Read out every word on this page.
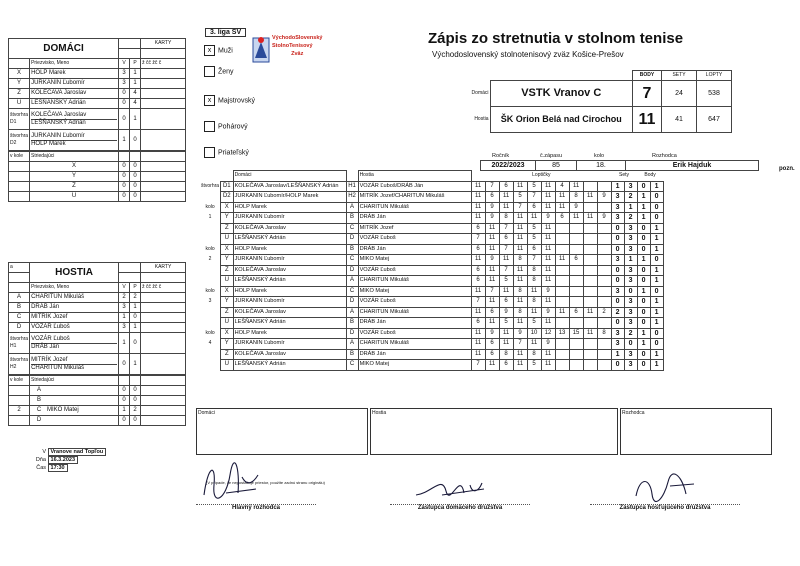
DOMÁCI				KARTY

	Priezvisko, Meno	V	P	ž čč žč č
X	HOLP Marek	3	1	
Y	JURKANIN Ľubomír	3	1	
Z	KOLEČAVA Jaroslav	0	4	
U	LEŠŇANSKÝ Adrián	0	4	
štvorhra D1	KOLEČAVA Jaroslav
LEŠŇANSKÝ Adrián	0	1	
štvorhra D2	JURKANIN Ľubomír
HOLP Marek	1	0	
v kole	Striedajúci			
	X	0	0	
	Y	0	0	
	Z	0	0	
	U	0	0	
a	HOSTIA			KARTY

	Priezvisko, Meno	V	P	ž čč žč č
A	CHARITUN Mikuláš	2	2	
B	DRÁB Ján	3	1	
C	MITRÍK Jozef	1	0	
D	VOZÁR Ľuboš	3	1	
štvorhra H1	VOZÁR Ľuboš
DRÁB Ján	1	0	
štvorhra H2	MITRÍK Jozef
CHARITUN Mikuláš	0	1	
v kole	Striedajúci			
	A	0	0	
	B	0	0	
2	C MIKO Matej	1	2	
	D	0	0	
3. liga SV
VýchodoSlovenský
StolnoTenisový
Zväz
x Muži
Ženy
x Majstrovský
Pohárový
Priateľský
Zápis zo stretnutia v stolnom tenise
Východoslovenský stolnotenisový zväz Košice-Prešov
		BODY	SETY	LOPTY
Domáci	VSTK Vranov C	7	24	538
Hostia	ŠK Orion Belá nad Cirochou	11	41	647
Ročník	č.zápasu	kolo	Rozhodca
2022/2023	85	18.	Erik Hajduk	pozn.
		Domáci		Hostia	Loptičky										Sety		Body	
štvorhra	D1	KOLEČAVA Jaroslav/LEŠŇANSKÝ Adrián	H1	VOZÁR Ľuboš/DRÁB Ján	11	7	6	11	5	11	4	11			1	3	0	1
	D2	JURKANIN Ľubomír/HOLP Marek	H2	MITRÍK Jozef/CHARITUN Mikuláš	11	6	11	5	7	11	11	8	11	9	3	2	1	0
kolo	X	HOLP Marek	A	CHARITUN Mikuláš	11	9	11	7	6	11	11	9			3	1	1	0
1	Y	JURKANIN Ľubomír	B	DRÁB Ján	11	9	8	11	11	9	6	11	11	9	3	2	1	0
	Z	KOLEČAVA Jaroslav	C	MITRÍK Jozef	6	11	7	11	5	11					0	3	0	1
	U	LEŠŇANSKÝ Adrián	D	VOZÁR Ľuboš	7	11	6	11	5	11					0	3	0	1
kolo	X	HOLP Marek	B	DRÁB Ján	6	11	7	11	6	11					0	3	0	1
2	Y	JURKANIN Ľubomír	C	MIKO Matej	11	9	11	8	7	11	11	6			3	1	1	0
	Z	KOLEČAVA Jaroslav	D	VOZÁR Ľuboš	6	11	7	11	8	11					0	3	0	1
	U	LEŠŇANSKÝ Adrián	A	CHARITUN Mikuláš	6	11	5	11	8	11					0	3	0	1
kolo	X	HOLP Marek	C	MIKO Matej	11	7	11	8	11	9					3	0	1	0
3	Y	JURKANIN Ľubomír	D	VOZÁR Ľuboš	7	11	6	11	8	11					0	3	0	1
	Z	KOLEČAVA Jaroslav	A	CHARITUN Mikuláš	11	6	9	8	11	9	11	6	11	2	2	3	0	1
	U	LEŠŇANSKÝ Adrián	B	DRÁB Ján	6	11	5	11	5	11					0	3	0	1
kolo	X	HOLP Marek	D	VOZÁR Ľuboš	11	9	11	9	10	12	13	15	11	8	3	2	1	0
4	Y	JURKANIN Ľubomír	A	CHARITUN Mikuláš	11	6	11	7	11	9					3	0	1	0
	Z	KOLEČAVA Jaroslav	B	DRÁB Ján	11	6	8	11	8	11					1	3	0	1
	U	LEŠŇANSKÝ Adrián	C	MIKO Matej	7	11	6	11	5	11					0	3	0	1
Domáci	Hostia	Rozhodca
V Vranove nad Topľou
Dňa 16.3.2023
Čas 17:30
(V prípade, že nepostačuje priestor, použite zadnú stranu originálu)
Hlavný rozhodca	Zástupca domáceho družstva	Zástupca hosťujúceho družstva
